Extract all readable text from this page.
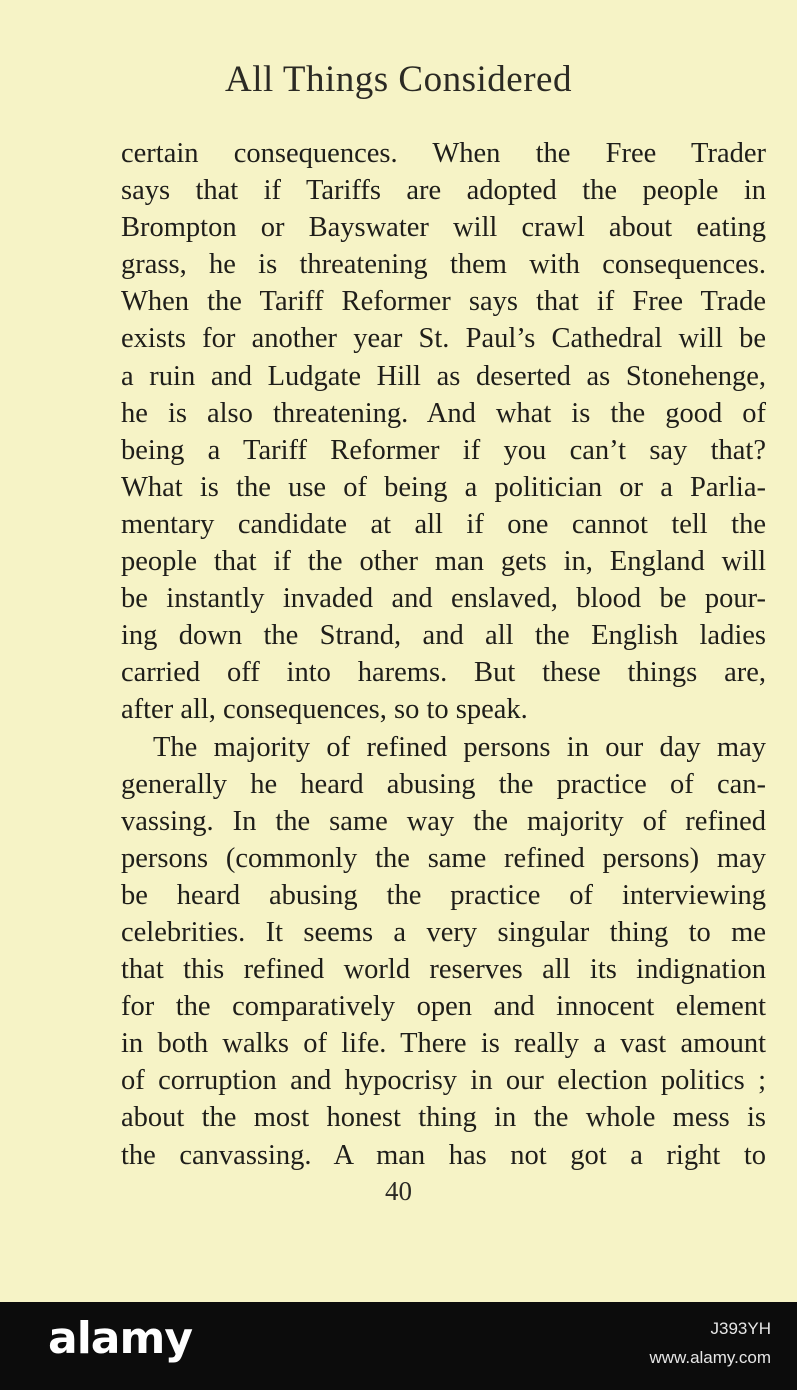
All Things Considered
certain consequences. When the Free Trader
says that if Tariffs are adopted the people in
Brompton or Bayswater will crawl about eating
grass, he is threatening them with consequences.
When the Tariff Reformer says that if Free Trade
exists for another year St. Paul’s Cathedral will be
a ruin and Ludgate Hill as deserted as Stonehenge,
he is also threatening. And what is the good of
being a Tariff Reformer if you can’t say that?
What is the use of being a politician or a Parlia-
mentary candidate at all if one cannot tell the
people that if the other man gets in, England will
be instantly invaded and enslaved, blood be pour-
ing down the Strand, and all the English ladies
carried off into harems. But these things are,
after all, consequences, so to speak.
The majority of refined persons in our day may
generally he heard abusing the practice of can-
vassing. In the same way the majority of refined
persons (commonly the same refined persons) may
be heard abusing the practice of interviewing
celebrities. It seems a very singular thing to me
that this refined world reserves all its indignation
for the comparatively open and innocent element
in both walks of life. There is really a vast amount
of corruption and hypocrisy in our election politics ;
about the most honest thing in the whole mess is
the canvassing. A man has not got a right to
40
alamy	J393YH
www.alamy.com
